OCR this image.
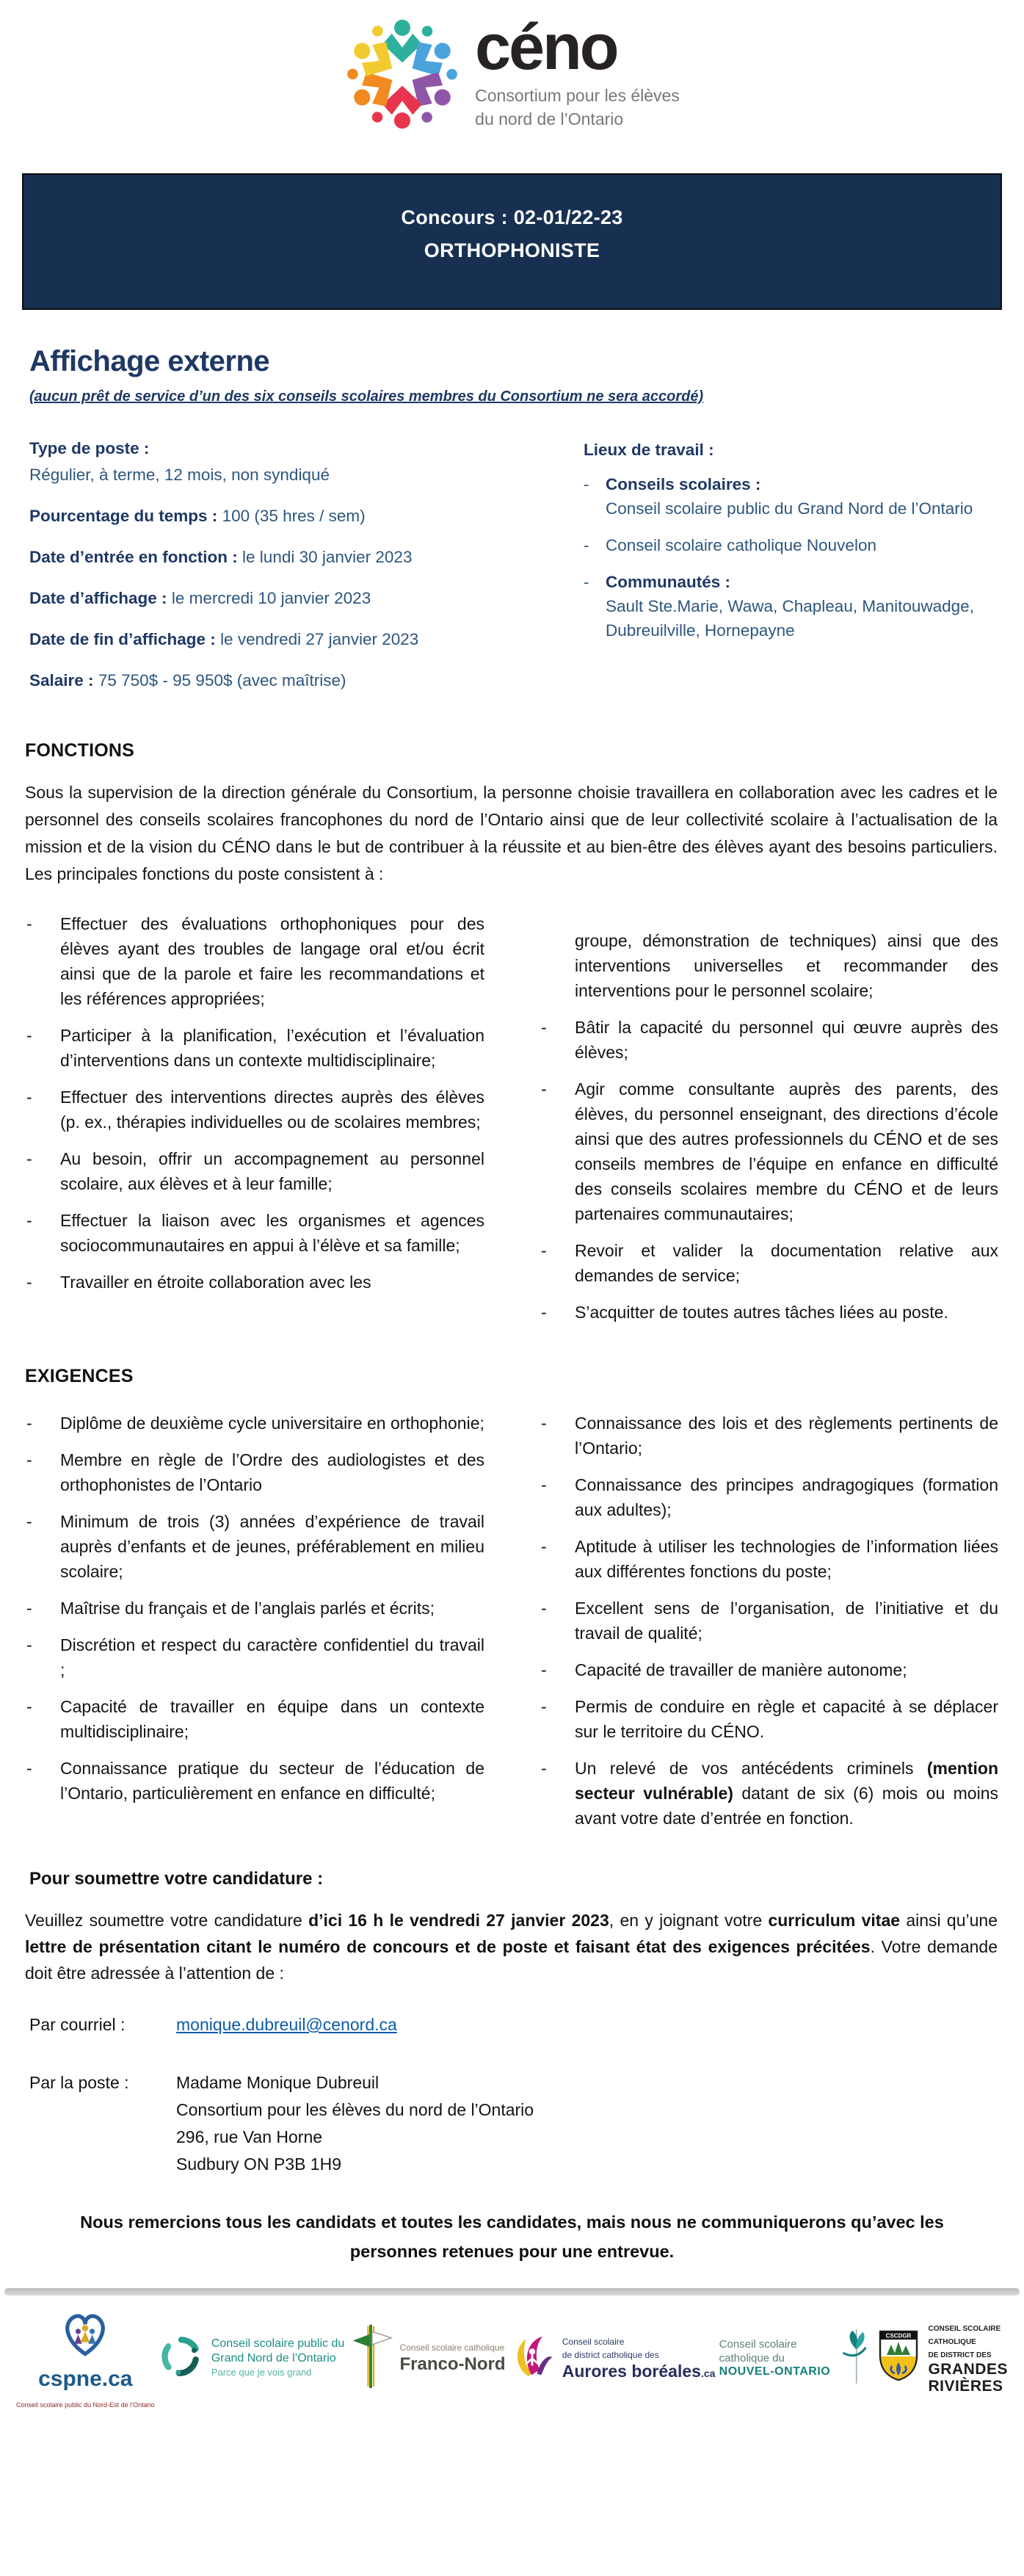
céno
Consortium pour les élèves
du nord de l’Ontario
Concours : 02-01/22-23
ORTHOPHONISTE
Affichage externe
(aucun prêt de service d’un des six conseils scolaires membres du Consortium ne sera accordé)
Type de poste :
Régulier, à terme, 12 mois, non syndiqué
Pourcentage du temps : 100 (35 hres / sem)
Date d’entrée en fonction : le lundi 30 janvier 2023
Date d’affichage : le mercredi 10 janvier 2023
Date de fin d’affichage : le vendredi 27 janvier 2023
Salaire : 75 750$ - 95 950$ (avec maîtrise)
Lieux de travail :
-	Conseils scolaires :
Conseil scolaire public du Grand Nord de l’Ontario
-	Conseil scolaire catholique Nouvelon
-	Communautés :
Sault Ste.Marie, Wawa, Chapleau, Manitouwadge, Dubreuilville, Hornepayne
FONCTIONS

Sous la supervision de la direction générale du Consortium, la personne choisie travaillera en collaboration avec les cadres et le personnel des conseils scolaires francophones du nord de l’Ontario ainsi que de leur collectivité scolaire à l’actualisation de la mission et de la vision du CÉNO dans le but de contribuer à la réussite et au bien-être des élèves ayant des besoins particuliers. Les principales fonctions du poste consistent à :

- Effectuer des évaluations orthophoniques pour des élèves ayant des troubles de langage oral et/ou écrit ainsi que de la parole et faire les recommandations et les références appropriées;
- Participer à la planification, l’exécution et l’évaluation d’interventions dans un contexte multidisciplinaire;
- Effectuer des interventions directes auprès des élèves (p. ex., thérapies individuelles ou de scolaires membres;
- Au besoin, offrir un accompagnement au personnel scolaire, aux élèves et à leur famille;
- Effectuer la liaison avec les organismes et agences sociocommunautaires en appui à l’élève et sa famille;
- Travailler en étroite collaboration avec les

groupe, démonstration de techniques) ainsi que des interventions universelles et recommander des interventions pour le personnel scolaire;

- Bâtir la capacité du personnel qui œuvre auprès des élèves;
- Agir comme consultante auprès des parents, des élèves, du personnel enseignant, des directions d’école ainsi que des autres professionnels du CÉNO et de ses conseils membres de l’équipe en enfance en difficulté des conseils scolaires membre du CÉNO et de leurs partenaires communautaires;
- Revoir et valider la documentation relative aux demandes de service;
- S’acquitter de toutes autres tâches liées au poste.
EXIGENCES
- Diplôme de deuxième cycle universitaire en orthophonie;
- Membre en règle de l’Ordre des audiologistes et des orthophonistes de l’Ontario
- Minimum de trois (3) années d’expérience de travail auprès d’enfants et de jeunes, préférablement en milieu scolaire;
- Maîtrise du français et de l’anglais parlés et écrits;
- Discrétion et respect du caractère confidentiel du travail ;
- Capacité de travailler en équipe dans un contexte multidisciplinaire;
- Connaissance pratique du secteur de l’éducation de l’Ontario, particulièrement en enfance en difficulté;
- Connaissance des lois et des règlements pertinents de l’Ontario;
- Connaissance des principes andragogiques (formation aux adultes);
- Aptitude à utiliser les technologies de l’information liées aux différentes fonctions du poste;
- Excellent sens de l’organisation, de l’initiative et du travail de qualité;
- Capacité de travailler de manière autonome;
- Permis de conduire en règle et capacité à se déplacer sur le territoire du CÉNO.
- Un relevé de vos antécédents criminels (mention secteur vulnérable) datant de six (6) mois ou moins avant votre date d’entrée en fonction.
Pour soumettre votre candidature :

Veuillez soumettre votre candidature d’ici 16 h le vendredi 27 janvier 2023, en y joignant votre curriculum vitae ainsi qu’une lettre de présentation citant le numéro de concours et de poste et faisant état des exigences précitées. Votre demande doit être adressée à l’attention de :

Par courriel :	monique.dubreuil@cenord.ca
Par la poste :	Madame Monique Dubreuil
Consortium pour les élèves du nord de l’Ontario
296, rue Van Horne
Sudbury ON P3B 1H9

Nous remercions tous les candidats et toutes les candidates, mais nous ne communiquerons qu’avec les personnes retenues pour une entrevue.

cspne.ca
Conseil scolaire public du Nord-Est de l’Ontario
Conseil scolaire public du
Grand Nord de l’Ontario
Parce que je vois grand
Conseil scolaire catholique
Franco-Nord
Conseil scolaire
de district catholique des
Aurores boréales.ca
Conseil scolaire
catholique du
NOUVEL-ONTARIO
CSCDGR
CONSEIL SCOLAIRE
CATHOLIQUE
DE DISTRICT DES
GRANDES
RIVIÈRES
